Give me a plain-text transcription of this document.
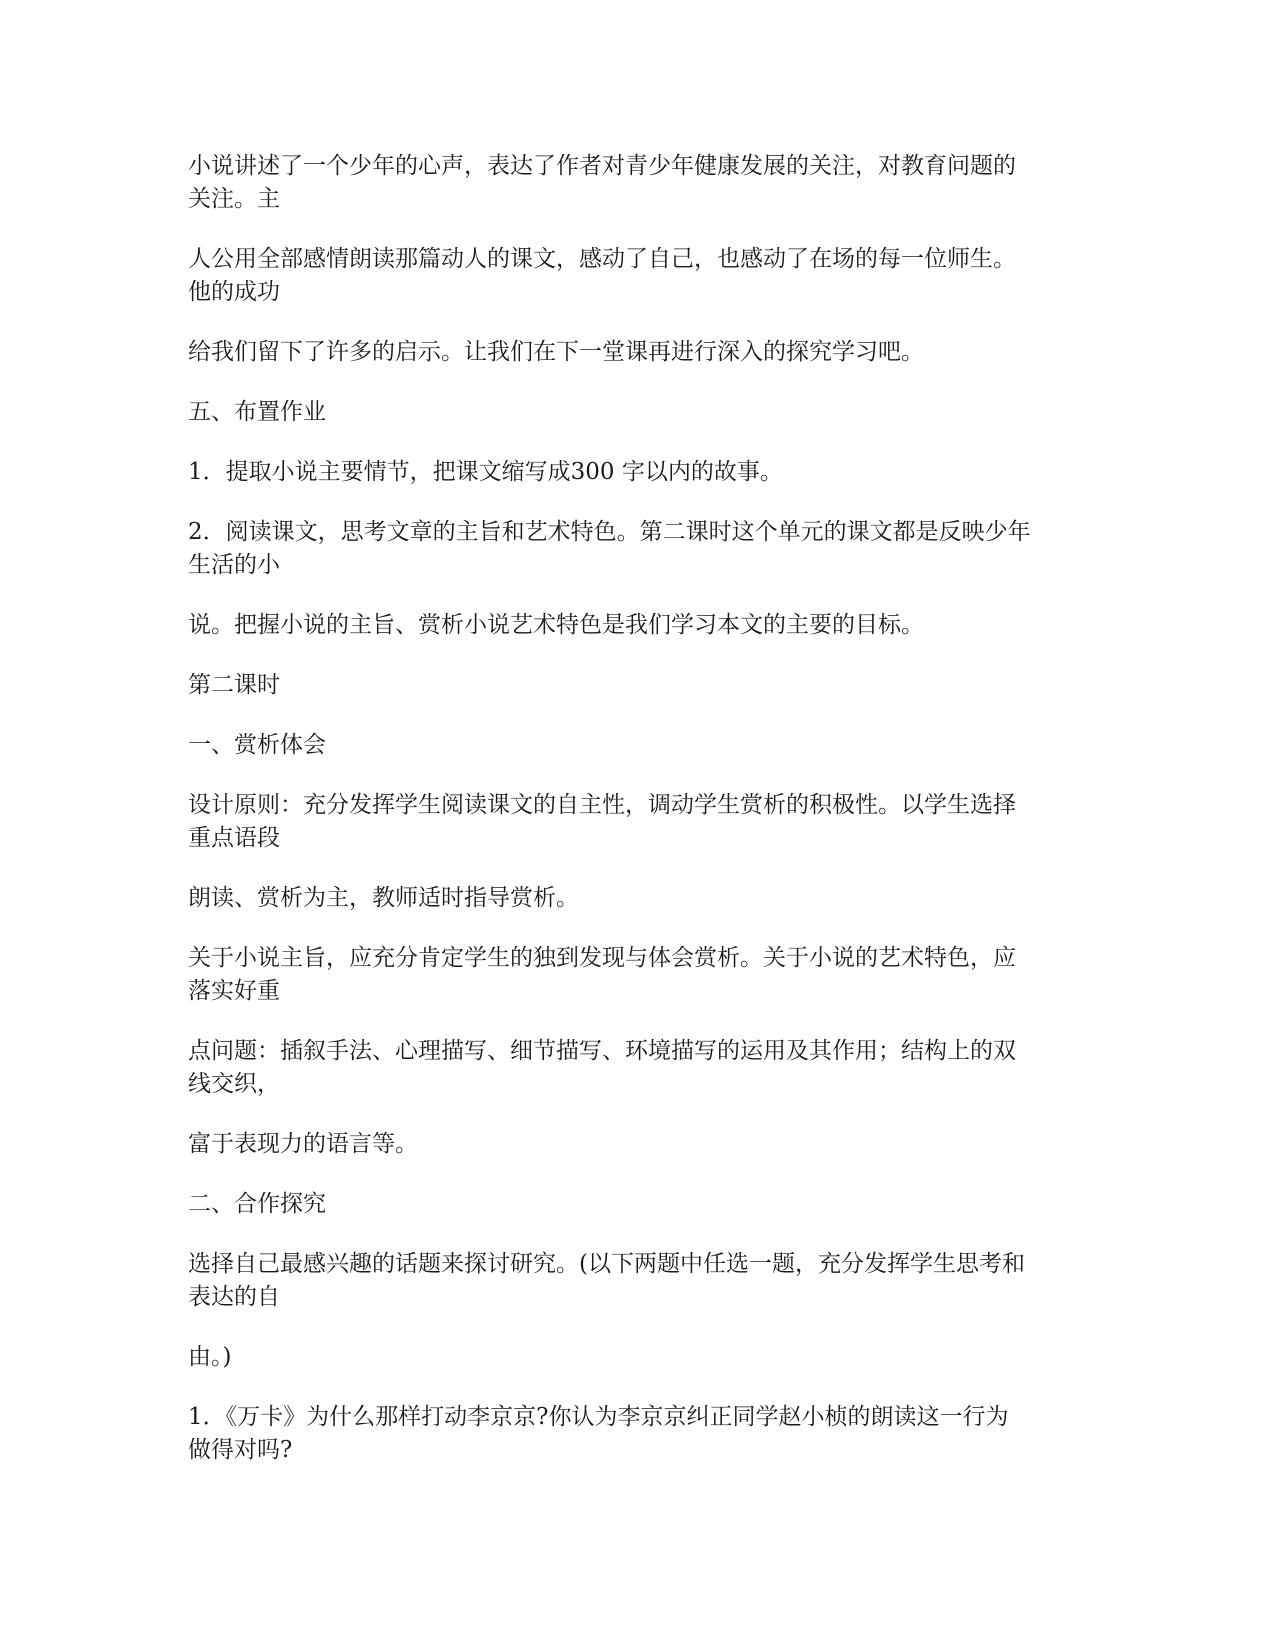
小说讲述了一个少年的心声，表达了作者对青少年健康发展的关注，对教育问题的
关注。主

人公用全部感情朗读那篇动人的课文，感动了自己，也感动了在场的每一位师生。
他的成功

给我们留下了许多的启示。让我们在下一堂课再进行深入的探究学习吧。

五、布置作业

1．提取小说主要情节，把课文缩写成300 字以内的故事。

2．阅读课文，思考文章的主旨和艺术特色。第二课时这个单元的课文都是反映少年
生活的小

说。把握小说的主旨、赏析小说艺术特色是我们学习本文的主要的目标。

第二课时

一、赏析体会

设计原则：充分发挥学生阅读课文的自主性，调动学生赏析的积极性。以学生选择
重点语段

朗读、赏析为主，教师适时指导赏析。

关于小说主旨，应充分肯定学生的独到发现与体会赏析。关于小说的艺术特色，应
落实好重

点问题：插叙手法、心理描写、细节描写、环境描写的运用及其作用；结构上的双
线交织，

富于表现力的语言等。

二、合作探究

选择自己最感兴趣的话题来探讨研究。(以下两题中任选一题，充分发挥学生思考和
表达的自

由。)

1．《万卡》为什么那样打动李京京?你认为李京京纠正同学赵小桢的朗读这一行为
做得对吗?
